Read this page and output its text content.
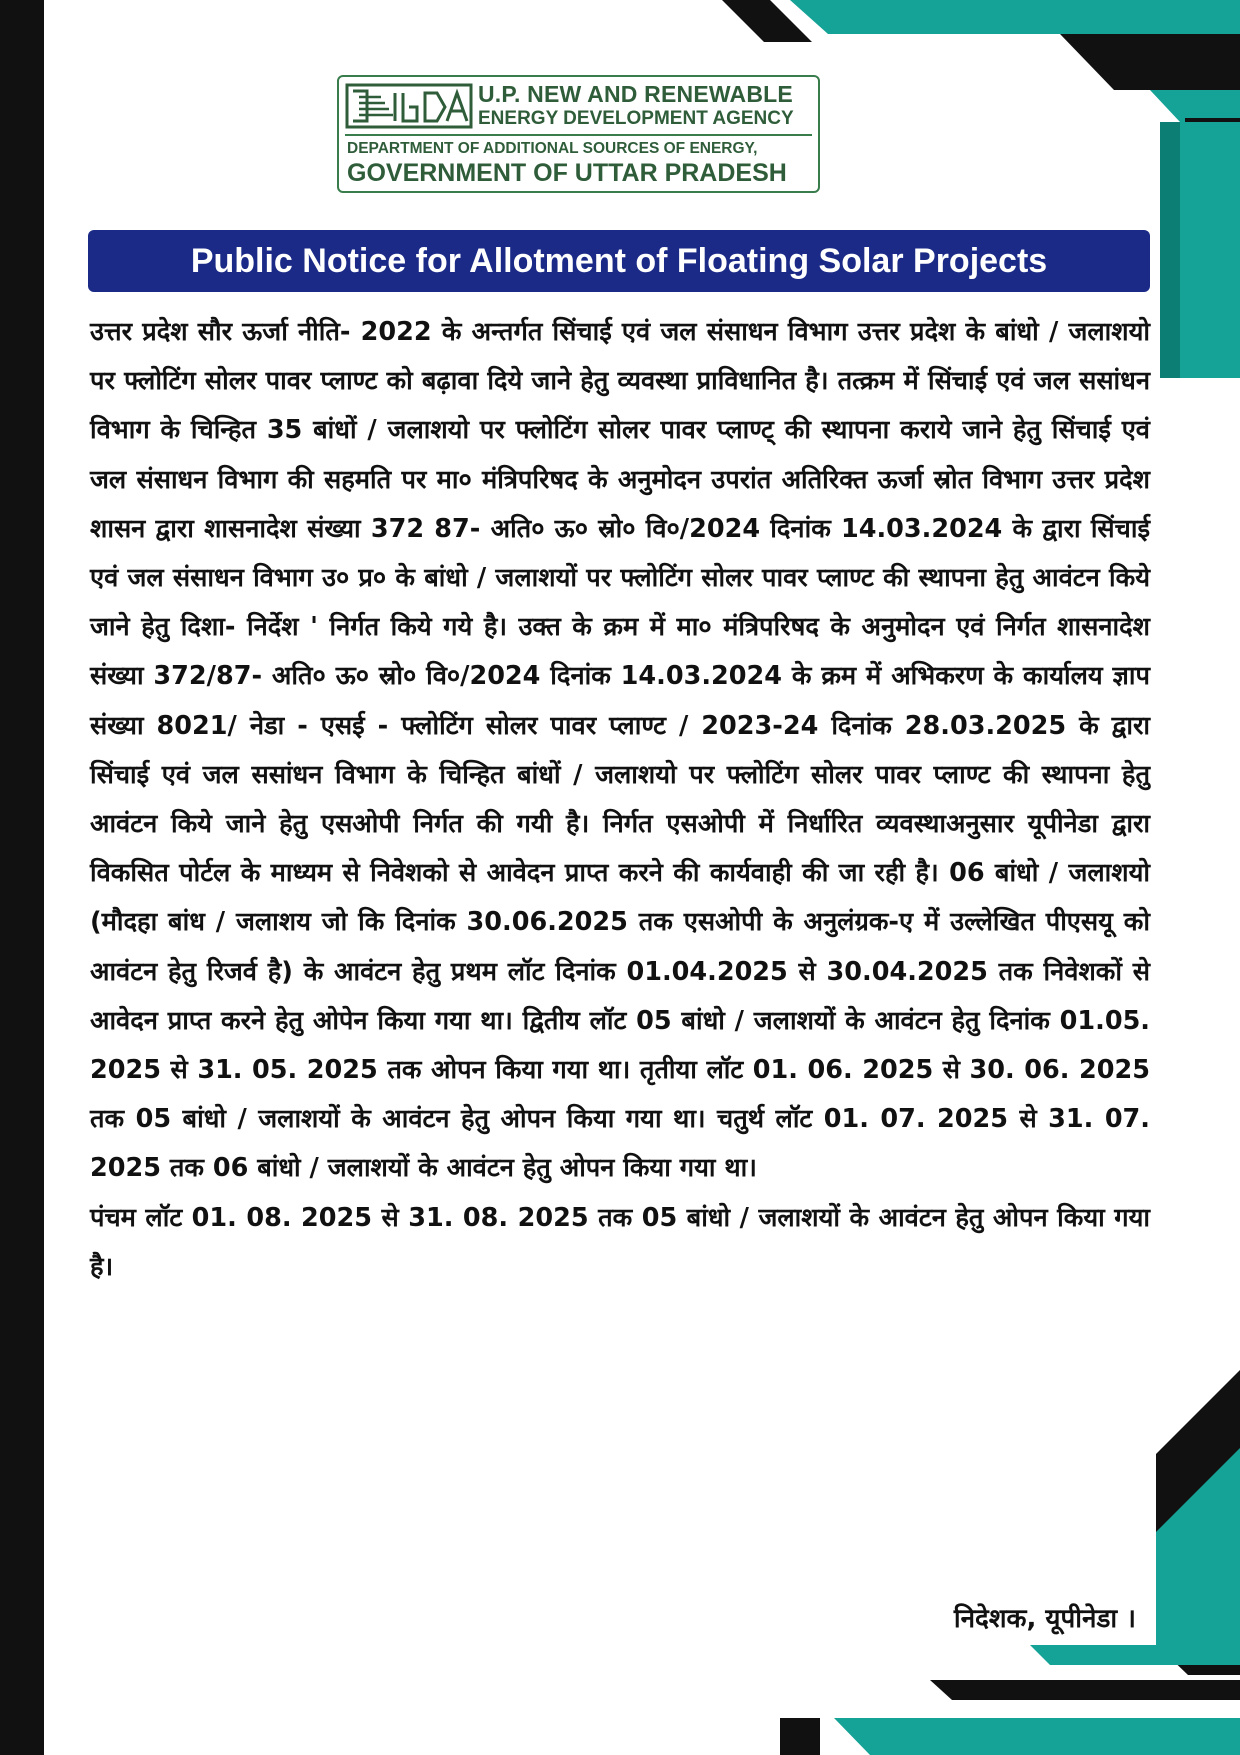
U.P. NEW AND RENEWABLE
ENERGY DEVELOPMENT AGENCY
DEPARTMENT OF ADDITIONAL SOURCES OF ENERGY,
GOVERNMENT OF UTTAR PRADESH
Public Notice for Allotment of Floating Solar Projects

उत्तर प्रदेश सौर ऊर्जा नीति- 2022 के अन्तर्गत सिंचाई एवं जल संसाधन विभाग उत्तर प्रदेश के बांधो / जलाशयो पर फ्लोटिंग सोलर पावर प्लाण्ट को बढ़ावा दिये जाने हेतु व्यवस्था प्राविधानित है। तत्क्रम में सिंचाई एवं जल ससांधन विभाग के चिन्हित 35 बांधों / जलाशयो पर फ्लोटिंग सोलर पावर प्लाण्ट् की स्थापना कराये जाने हेतु सिंचाई एवं जल संसाधन विभाग की सहमति पर मा० मंत्रिपरिषद के अनुमोदन उपरांत अतिरिक्त ऊर्जा स्रोत विभाग उत्तर प्रदेश शासन द्वारा शासनादेश संख्या 372 87- अति० ऊ० स्रो० वि०/2024 दिनांक 14.03.2024 के द्वारा सिंचाई एवं जल संसाधन विभाग उ० प्र० के बांधो / जलाशयों पर फ्लोटिंग सोलर पावर प्लाण्ट की स्थापना हेतु आवंटन किये जाने हेतु दिशा- निर्देश ' निर्गत किये गये है। उक्त के क्रम में मा० मंत्रिपरिषद के अनुमोदन एवं निर्गत शासनादेश संख्या 372/87- अति० ऊ० स्रो० वि०/2024 दिनांक 14.03.2024 के क्रम में अभिकरण के कार्यालय ज्ञाप संख्या 8021/ नेडा - एसई - फ्लोटिंग सोलर पावर प्लाण्ट / 2023-24 दिनांक 28.03.2025 के द्वारा सिंचाई एवं जल ससांधन विभाग के चिन्हित बांधों / जलाशयो पर फ्लोटिंग सोलर पावर प्लाण्ट की स्थापना हेतु आवंटन किये जाने हेतु एसओपी निर्गत की गयी है। निर्गत एसओपी में निर्धारित व्यवस्थाअनुसार यूपीनेडा द्वारा विकसित पोर्टल के माध्यम से निवेशको से आवेदन प्राप्त करने की कार्यवाही की जा रही है। 06 बांधो / जलाशयो (मौदहा बांध / जलाशय जो कि दिनांक 30.06.2025 तक एसओपी के अनुलंग्रक-ए में उल्लेखित पीएसयू को आवंटन हेतु रिजर्व है) के आवंटन हेतु प्रथम लॉट दिनांक 01.04.2025 से 30.04.2025 तक निवेशकों से आवेदन प्राप्त करने हेतु ओपेन किया गया था। द्वितीय लॉट 05 बांधो / जलाशयों के आवंटन हेतु दिनांक 01.05. 2025 से 31. 05. 2025 तक ओपन किया गया था। तृतीया लॉट 01. 06. 2025 से 30. 06. 2025 तक 05 बांधो / जलाशयों के आवंटन हेतु ओपन किया गया था। चतुर्थ लॉट 01. 07. 2025 से 31. 07. 2025 तक 06 बांधो / जलाशयों के आवंटन हेतु ओपन किया गया था।

पंचम लॉट 01. 08. 2025 से 31. 08. 2025 तक 05 बांधो / जलाशयों के आवंटन हेतु ओपन किया गया है।

निदेशक, यूपीनेडा ।
